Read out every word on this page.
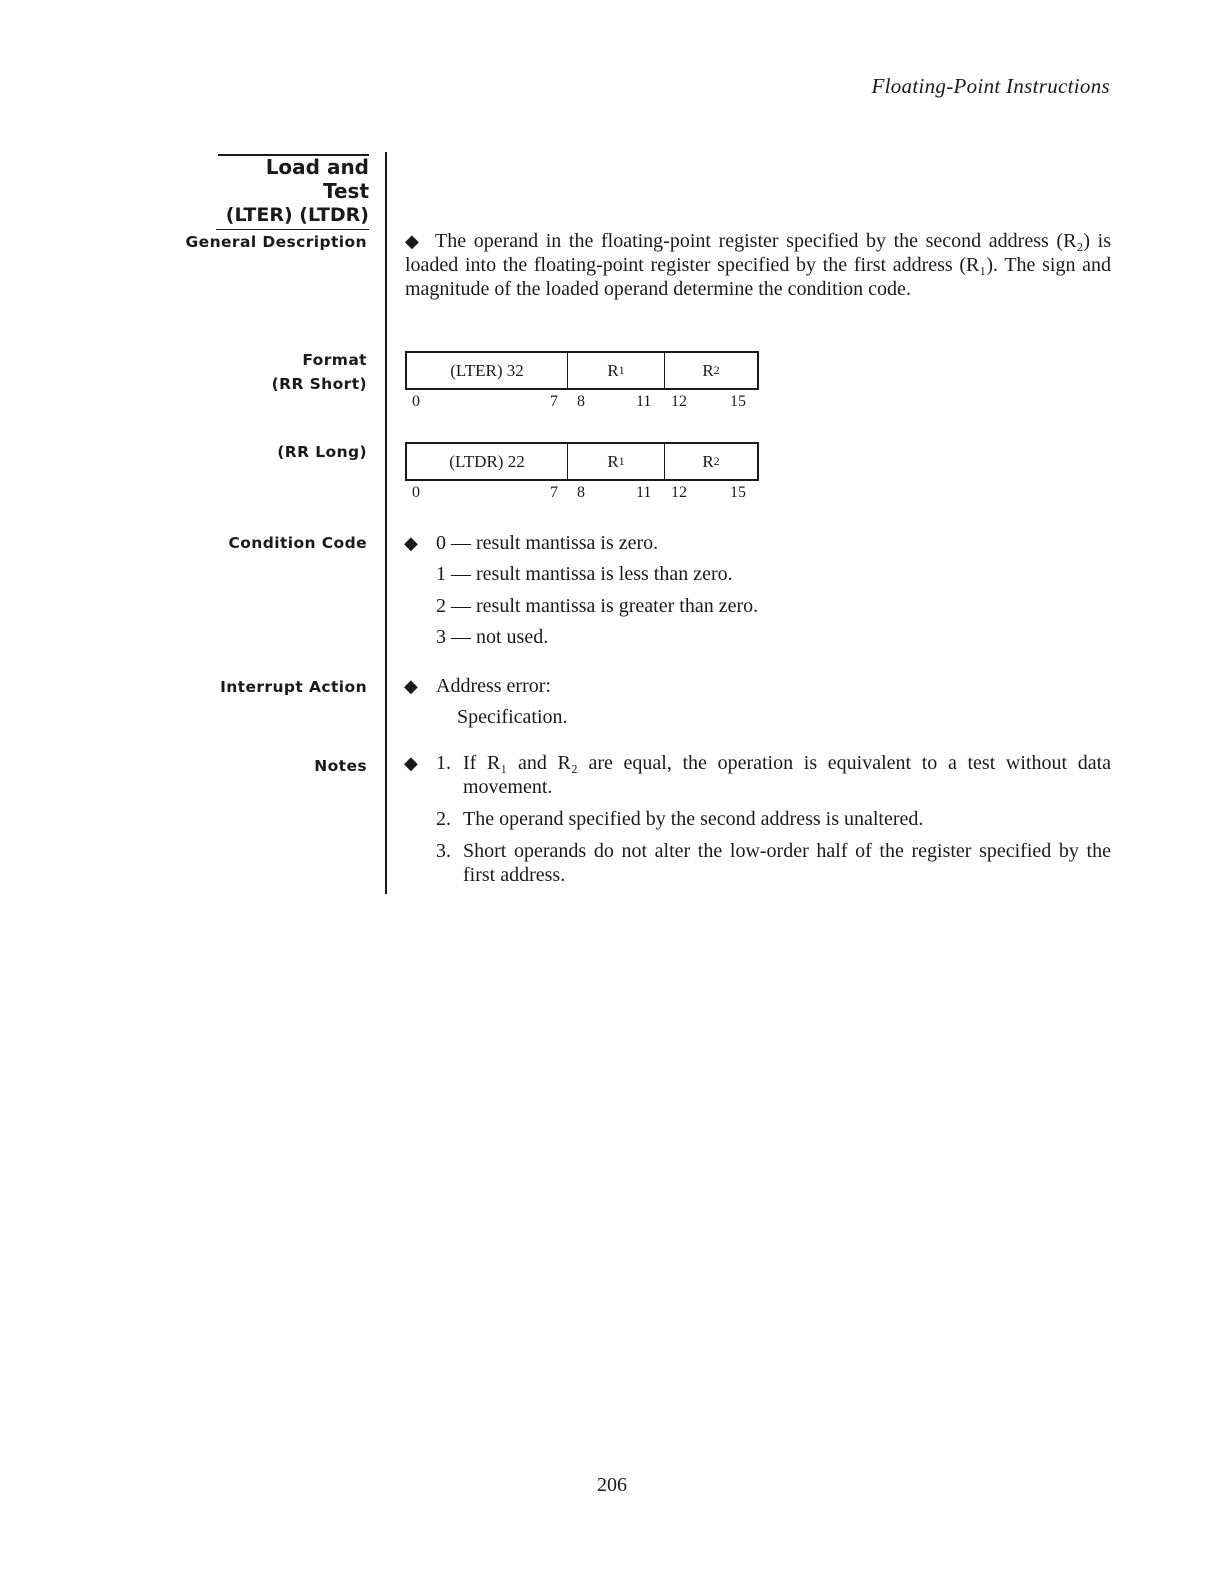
Floating-Point Instructions
Load and Test
(LTER) (LTDR)
General Description
Format
(RR Short)
(RR Long)
Condition Code
Interrupt Action
Notes
◆ The operand in the floating-point register specified by the second address (R₂) is loaded into the floating-point register specified by the first address (R₁). The sign and magnitude of the loaded operand determine the condition code.
(LTER) 32	R 1	R 2
0	7 8	11 12	15
(LTDR) 22	R 1	R 2
0	7 8	11 12	15
◆ 0 — result mantissa is zero.
1 — result mantissa is less than zero.
2 — result mantissa is greater than zero.
3 — not used.
◆ Address error:
Specification.
◆ 1. If R₁ and R₂ are equal, the operation is equivalent to a test without data movement.
2. The operand specified by the second address is unaltered.
3. Short operands do not alter the low-order half of the register specified by the first address.
206
